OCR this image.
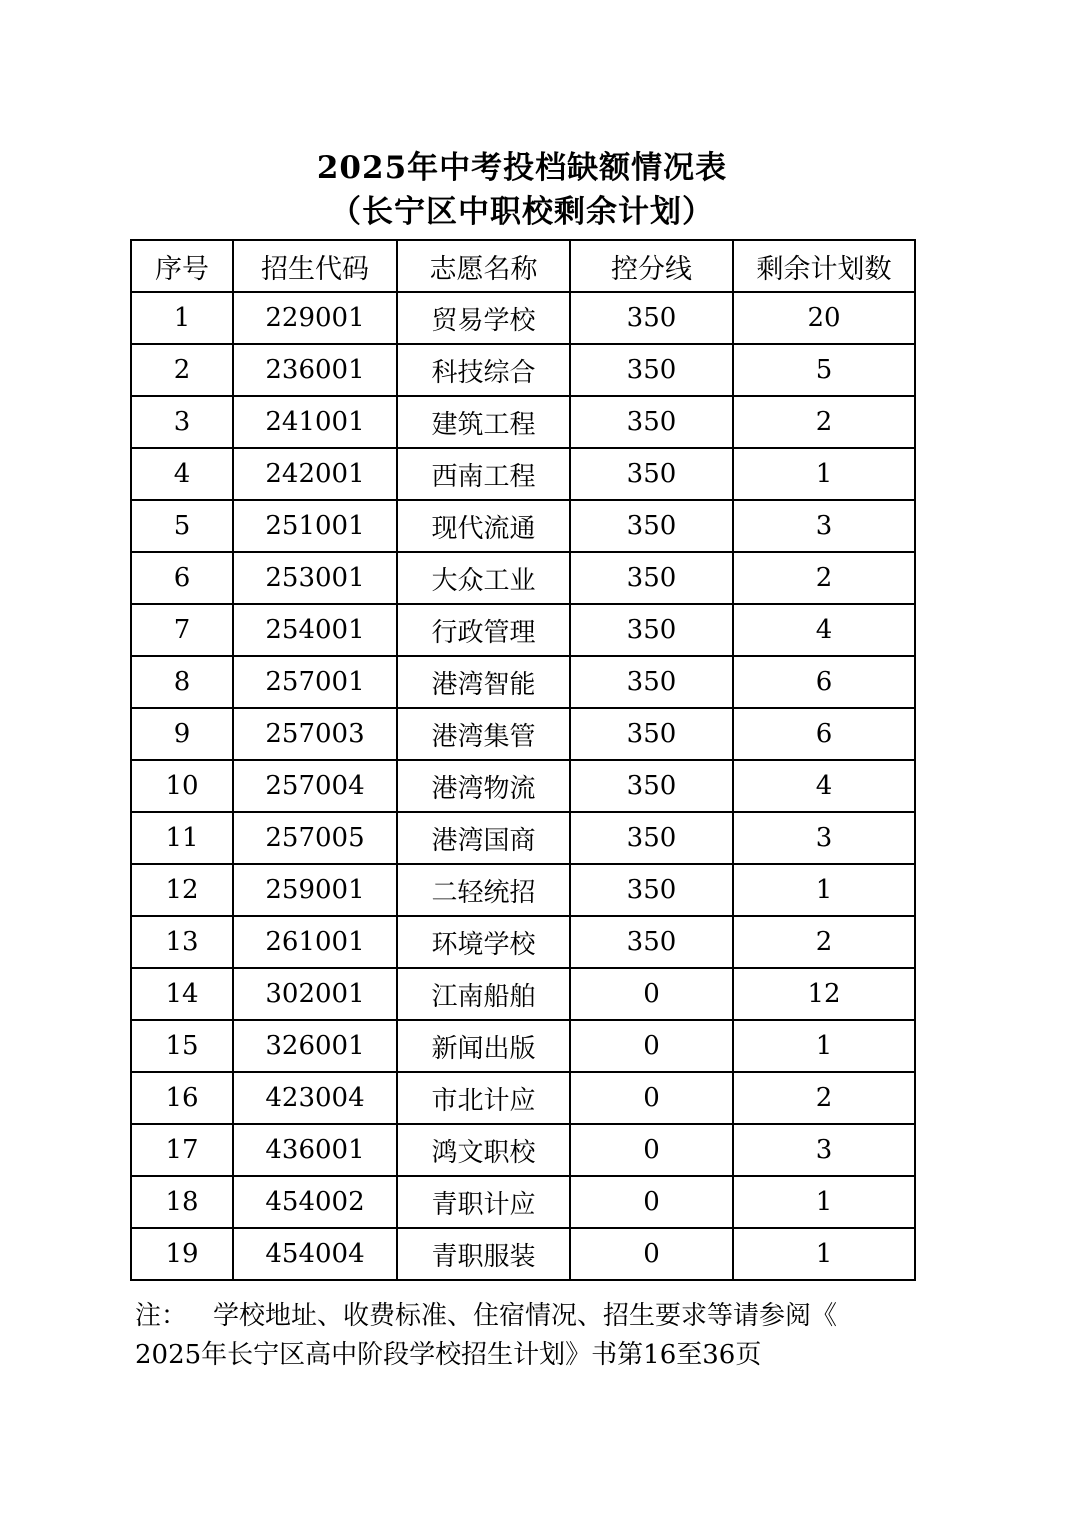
2025年中考投档缺额情况表
（长宁区中职校剩余计划）
序号	招生代码	志愿名称	控分线	剩余计划数
1	229001	贸易学校	350	20
2	236001	科技综合	350	5
3	241001	建筑工程	350	2
4	242001	西南工程	350	1
5	251001	现代流通	350	3
6	253001	大众工业	350	2
7	254001	行政管理	350	4
8	257001	港湾智能	350	6
9	257003	港湾集管	350	6
10	257004	港湾物流	350	4
11	257005	港湾国商	350	3
12	259001	二轻统招	350	1
13	261001	环境学校	350	2
14	302001	江南船舶	0	12
15	326001	新闻出版	0	1
16	423004	市北计应	0	2
17	436001	鸿文职校	0	3
18	454002	青职计应	0	1
19	454004	青职服装	0	1
注： 学校地址、收费标准、住宿情况、招生要求等请参阅《
2025年长宁区高中阶段学校招生计划》书第16至36页
